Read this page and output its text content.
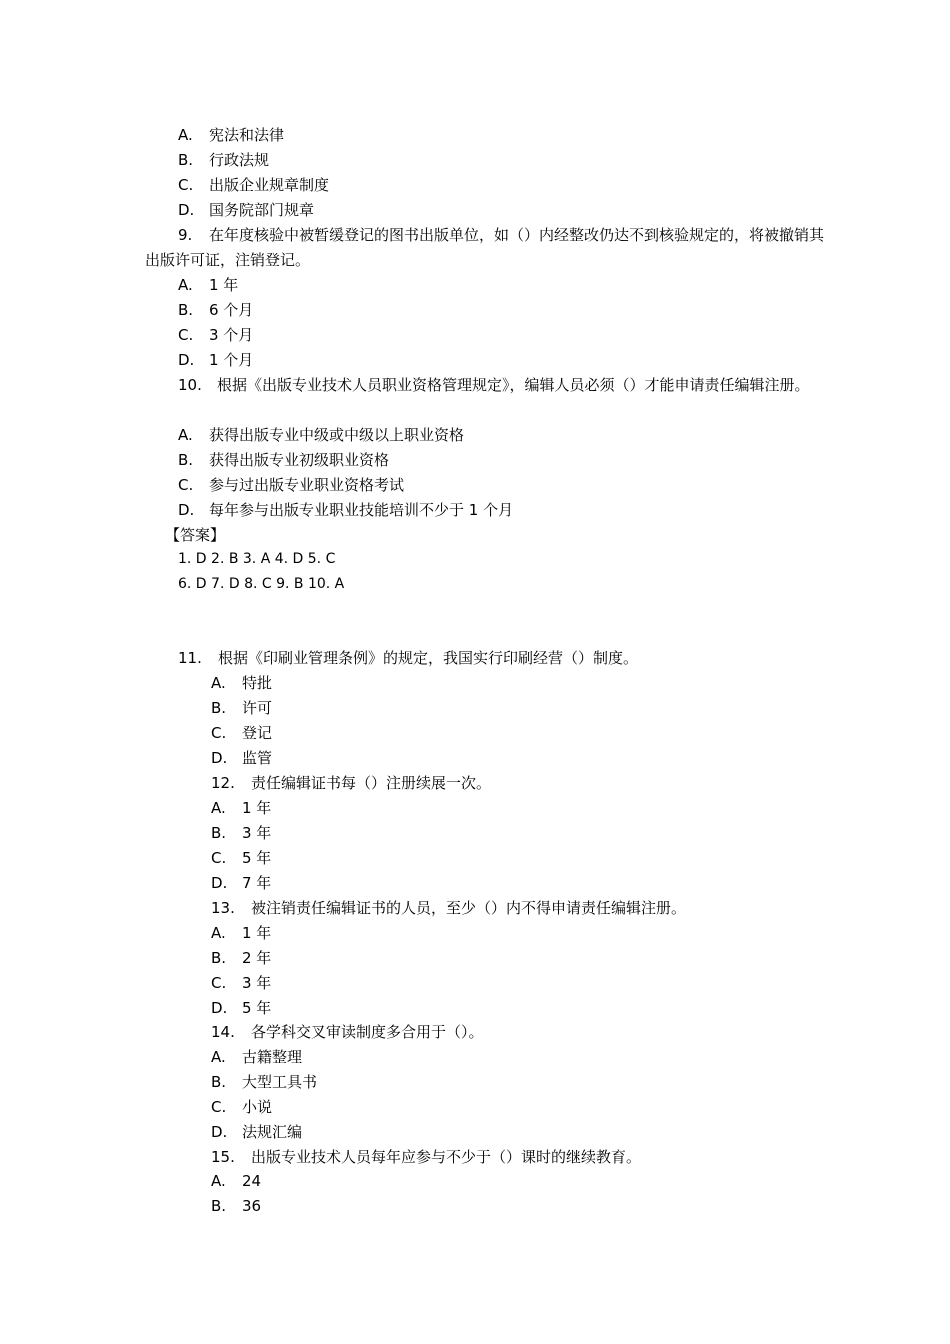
A. 宪法和法律
B. 行政法规
C. 出版企业规章制度
D. 国务院部门规章
9. 在年度核验中被暂缓登记的图书出版单位，如（）内经整改仍达不到核验规定的，将被撤销其出版许可证，注销登记。
A. 1 年
B. 6 个月
C. 3 个月
D. 1 个月
10. 根据《出版专业技术人员职业资格管理规定》，编辑人员必须（）才能申请责任编辑注册。
A. 获得出版专业中级或中级以上职业资格
B. 获得出版专业初级职业资格
C. 参与过出版专业职业资格考试
D. 每年参与出版专业职业技能培训不少于 1 个月
【答案】
1. D 2. B 3. A 4. D 5. C
6. D 7. D 8. C 9. B 10. A
11. 根据《印刷业管理条例》的规定，我国实行印刷经营（）制度。
A. 特批
B. 许可
C. 登记
D. 监管
12. 责任编辑证书每（）注册续展一次。
A. 1 年
B. 3 年
C. 5 年
D. 7 年
13. 被注销责任编辑证书的人员，至少（）内不得申请责任编辑注册。
A. 1 年
B. 2 年
C. 3 年
D. 5 年
14. 各学科交叉审读制度多合用于（）。
A. 古籍整理
B. 大型工具书
C. 小说
D. 法规汇编
15. 出版专业技术人员每年应参与不少于（）课时的继续教育。
A. 24
B. 36
